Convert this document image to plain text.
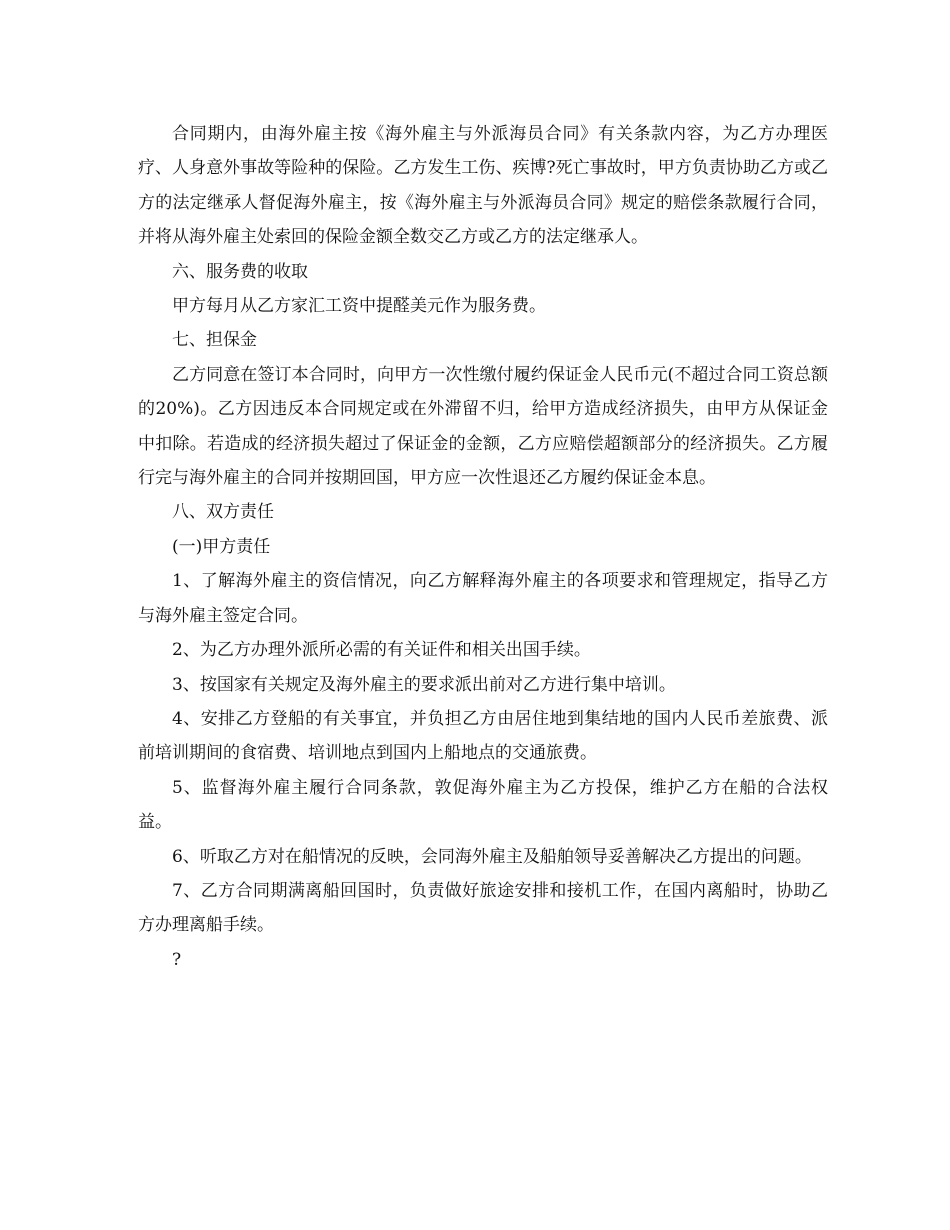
合同期内，由海外雇主按《海外雇主与外派海员合同》有关条款内容，为乙方办理医疗、人身意外事故等险种的保险。乙方发生工伤、疾博?死亡事故时，甲方负责协助乙方或乙方的法定继承人督促海外雇主，按《海外雇主与外派海员合同》规定的赔偿条款履行合同，并将从海外雇主处索回的保险金额全数交乙方或乙方的法定继承人。

六、服务费的收取

甲方每月从乙方家汇工资中提醛美元作为服务费。

七、担保金

乙方同意在签订本合同时，向甲方一次性缴付履约保证金人民币元(不超过合同工资总额的20%)。乙方因违反本合同规定或在外滞留不归，给甲方造成经济损失，由甲方从保证金中扣除。若造成的经济损失超过了保证金的金额，乙方应赔偿超额部分的经济损失。乙方履行完与海外雇主的合同并按期回国，甲方应一次性退还乙方履约保证金本息。

八、双方责任

(一)甲方责任

1、了解海外雇主的资信情况，向乙方解释海外雇主的各项要求和管理规定，指导乙方与海外雇主签定合同。

2、为乙方办理外派所必需的有关证件和相关出国手续。

3、按国家有关规定及海外雇主的要求派出前对乙方进行集中培训。

4、安排乙方登船的有关事宜，并负担乙方由居住地到集结地的国内人民币差旅费、派前培训期间的食宿费、培训地点到国内上船地点的交通旅费。

5、监督海外雇主履行合同条款，敦促海外雇主为乙方投保，维护乙方在船的合法权益。

6、听取乙方对在船情况的反映，会同海外雇主及船舶领导妥善解决乙方提出的问题。

7、乙方合同期满离船回国时，负责做好旅途安排和接机工作，在国内离船时，协助乙方办理离船手续。

?
